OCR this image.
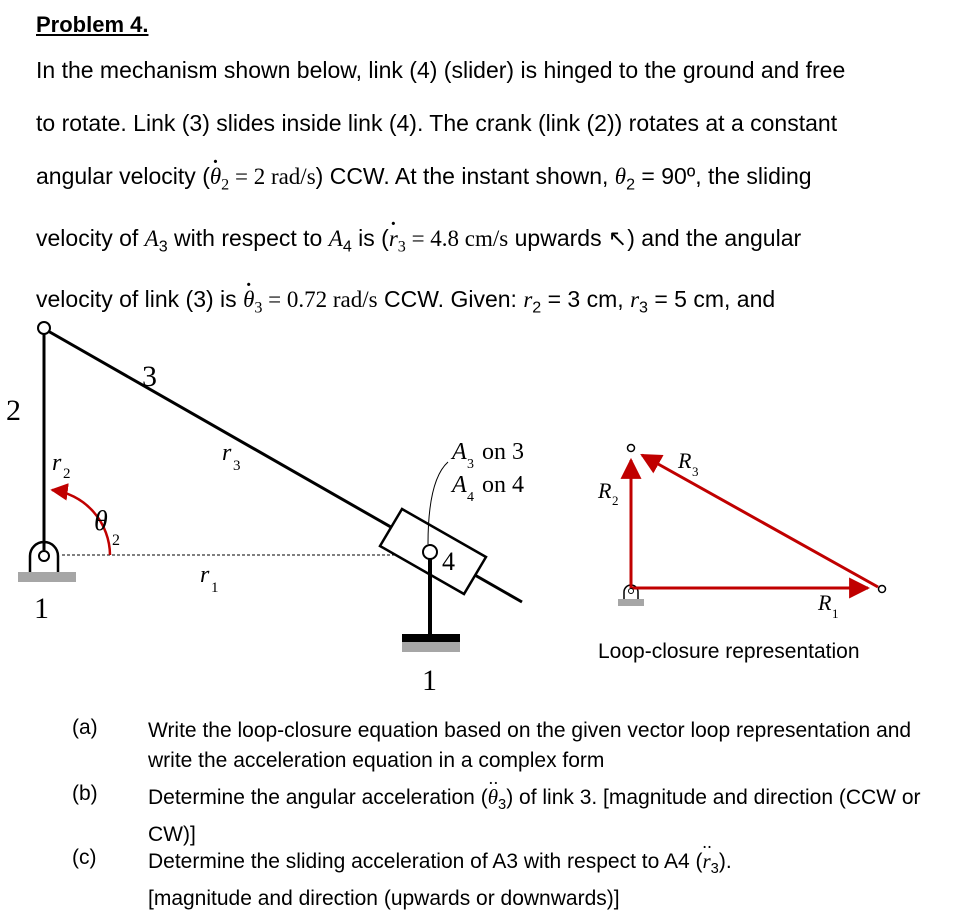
Problem 4.

In the mechanism shown below, link (4) (slider) is hinged to the ground and free

to rotate. Link (3) slides inside link (4). The crank (link (2)) rotates at a constant

angular velocity ($\theta \cdot_2 = 2$ rad/s) CCW. At the instant shown, $\theta_2$ = 90º, the sliding

velocity of $A_3$ with respect to $A_4$ is ($r \cdot_3 = 4.8$ cm/s upwards ↖) and the angular

velocity of link (3) is $\theta \cdot_3 = 0.72$ rad/s CCW. Given: $r_2 = 3$ cm, $r_3 = 5$ cm, and

2
1
3
r 2
θ
2
r 3
r 1
A 3 on 3
A 4 on 4
4
1
R 2
R 3
R 1
Loop-closure representation
(a) Write the loop-closure equation based on the given vector loop representation and write the acceleration equation in a complex form
(b) Determine the angular acceleration $(\theta \cdot\cdot_3)$ of link 3. [magnitude and direction (CCW or CW)]
(c) Determine the sliding acceleration of A3 with respect to A4 $(r \cdot\cdot_3)$.
[magnitude and direction (upwards or downwards)]
